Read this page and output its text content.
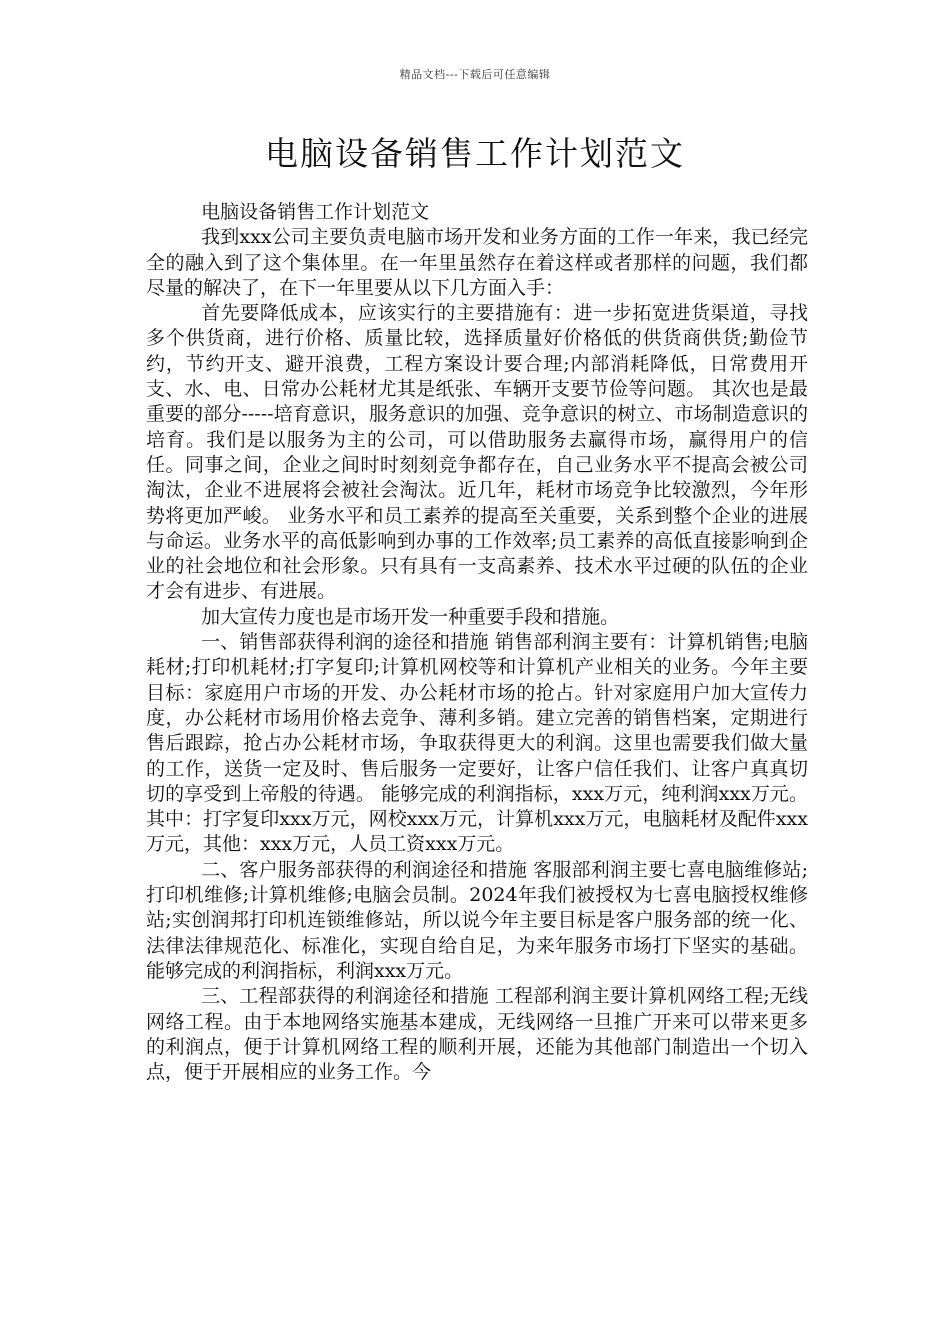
精品文档---下载后可任意编辑
电脑设备销售工作计划范文

电脑设备销售工作计划范文

我到xxx公司主要负责电脑市场开发和业务方面的工作一年来，我已经完全的融入到了这个集体里。在一年里虽然存在着这样或者那样的问题，我们都尽量的解决了，在下一年里要从以下几方面入手：

首先要降低成本，应该实行的主要措施有：进一步拓宽进货渠道，寻找多个供货商，进行价格、质量比较，选择质量好价格低的供货商供货;勤俭节约，节约开支、避开浪费，工程方案设计要合理;内部消耗降低，日常费用开支、水、电、日常办公耗材尤其是纸张、车辆开支要节俭等问题。 其次也是最重要的部分-----培育意识，服务意识的加强、竞争意识的树立、市场制造意识的培育。我们是以服务为主的公司，可以借助服务去赢得市场，赢得用户的信任。同事之间，企业之间时时刻刻竞争都存在，自己业务水平不提高会被公司淘汰，企业不进展将会被社会淘汰。近几年，耗材市场竞争比较激烈，今年形势将更加严峻。 业务水平和员工素养的提高至关重要，关系到整个企业的进展与命运。业务水平的高低影响到办事的工作效率;员工素养的高低直接影响到企业的社会地位和社会形象。只有具有一支高素养、技术水平过硬的队伍的企业才会有进步、有进展。

加大宣传力度也是市场开发一种重要手段和措施。

一、销售部获得利润的途径和措施 销售部利润主要有：计算机销售;电脑耗材;打印机耗材;打字复印;计算机网校等和计算机产业相关的业务。今年主要目标：家庭用户市场的开发、办公耗材市场的抢占。针对家庭用户加大宣传力度，办公耗材市场用价格去竞争、薄利多销。建立完善的销售档案，定期进行售后跟踪，抢占办公耗材市场，争取获得更大的利润。这里也需要我们做大量的工作，送货一定及时、售后服务一定要好，让客户信任我们、让客户真真切切的享受到上帝般的待遇。 能够完成的利润指标，xxx万元，纯利润xxx万元。其中：打字复印xxx万元，网校xxx万元，计算机xxx万元，电脑耗材及配件xxx万元，其他：xxx万元，人员工资xxx万元。

二、客户服务部获得的利润途径和措施 客服部利润主要七喜电脑维修站;打印机维修;计算机维修;电脑会员制。2024年我们被授权为七喜电脑授权维修站;实创润邦打印机连锁维修站，所以说今年主要目标是客户服务部的统一化、法律法律规范化、标准化，实现自给自足，为来年服务市场打下坚实的基础。 能够完成的利润指标，利润xxx万元。

三、工程部获得的利润途径和措施 工程部利润主要计算机网络工程;无线网络工程。由于本地网络实施基本建成，无线网络一旦推广开来可以带来更多的利润点，便于计算机网络工程的顺利开展，还能为其他部门制造出一个切入点，便于开展相应的业务工作。今
